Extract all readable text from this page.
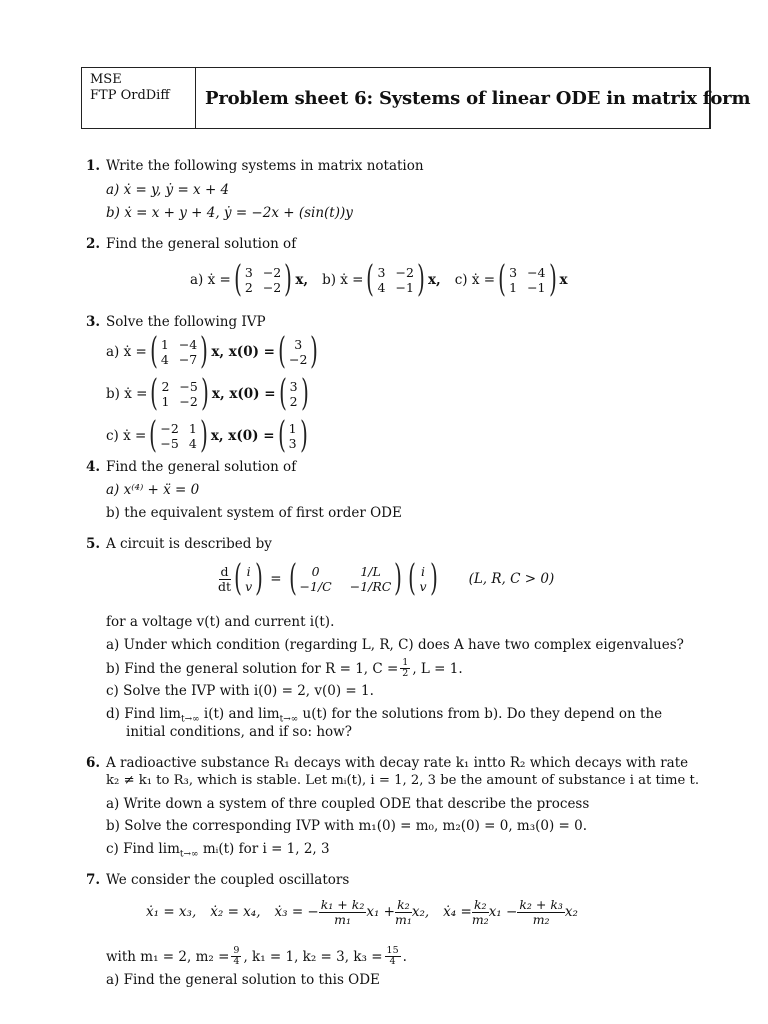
MSE
FTP OrdDiff	Problem sheet 6: Systems of linear ODE in matrix form
1. Write the following systems in matrix notation
a) ẋ = y, ẏ = x + 4
b) ẋ = x + y + 4, ẏ = −2x + (sin(t))y
2. Find the general solution of
a) ẋ = ( 3 −2
2 −2 ) x, b) ẋ = ( 3 −2
4 −1 ) x, c) ẋ = ( 3 −4
1 −1 ) x
3. Solve the following IVP
a) ẋ = ( 1 −4
4 −7 ) x, x(0) = ( 3
−2 )
b) ẋ = ( 2 −5
1 −2 ) x, x(0) = ( 3
2 )
c) ẋ = ( −2 1
−5 4 ) x, x(0) = ( 1
3 )
4. Find the general solution of
a) x⁽⁴⁾ + ẍ = 0
b) the equivalent system of first order ODE
5. A circuit is described by
$\frac{d}{dt}$ ( i
v ) = (	0	1/L
−1/C −1/RC ) ( i
v ) (L, R, C > 0)
for a voltage v(t) and current i(t).
a) Under which condition (regarding L, R, C) does A have two complex eigenvalues?
b) Find the general solution for R = 1, $C = \frac{1}{2}$ , L = 1.
c) Solve the IVP with i(0) = 2, v(0) = 1.
d) Find $\lim_{t\to\infty} i(t)$ and $\lim_{t\to\infty} u(t)$ for the solutions from b). Do they depend on the
initial conditions, and if so: how?
6. A radioactive substance R₁ decays with decay rate k₁ intto R₂ which decays with rate
k₂ ≠ k₁ to R₃, which is stable. Let mᵢ(t), i = 1, 2, 3 be the amount of substance i at time t.
a) Write down a system of thre coupled ODE that describe the process
b) Solve the corresponding IVP with m₁(0) = m₀, m₂(0) = 0, m₃(0) = 0.
c) Find $\lim_{t\to\infty}$ mᵢ(t) for i = 1, 2, 3
7. We consider the coupled oscillators
ẋ₁ = x₃, ẋ₂ = x₄, ẋ₃ = − $\frac{\text{k₁ + k₂}}{\text{m₁}} x_1 + \frac{\text{k₂}}{\text{m₁}} x_2$, ẋ₄ = $\frac{\text{k₂}}{\text{m₂}} x_1 - \frac{\text{k₂ + k₃}}{\text{m₂}} x_2$
with m₁ = 2, $m_2 = \frac{9}{4}$ , k₁ = 1, k₂ = 3, $k_3 = \frac{15}{4}$ .
a) Find the general solution to this ODE
